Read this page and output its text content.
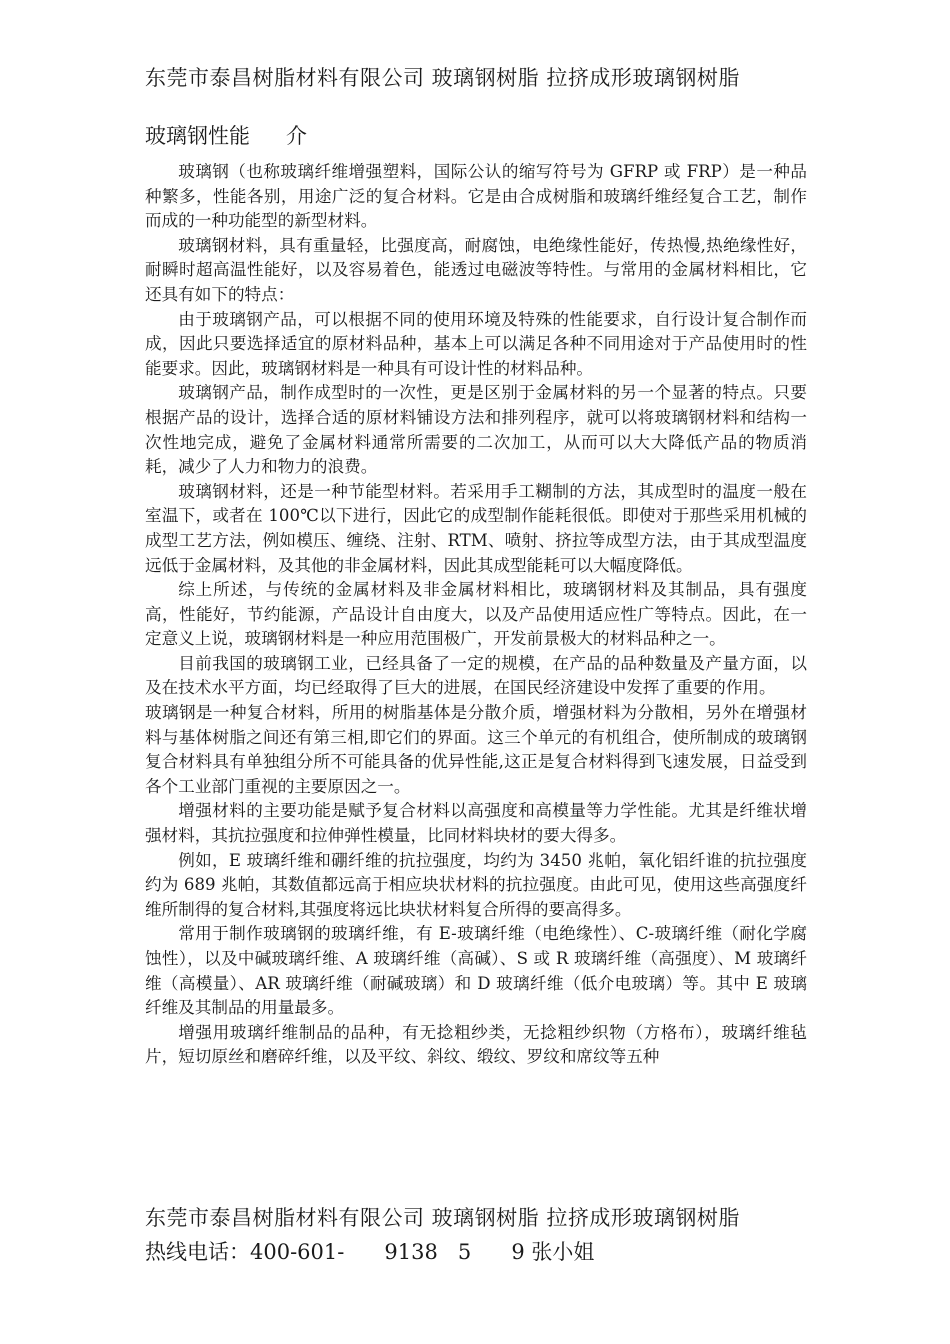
东莞市泰昌树脂材料有限公司 玻璃钢树脂 拉挤成形玻璃钢树脂
玻璃钢性能 介

玻璃钢（也称玻璃纤维增强塑料，国际公认的缩写符号为 GFRP 或 FRP）是一种品种繁多，性能各别，用途广泛的复合材料。它是由合成树脂和玻璃纤维经复合工艺，制作而成的一种功能型的新型材料。

玻璃钢材料，具有重量轻，比强度高，耐腐蚀，电绝缘性能好，传热慢,热绝缘性好，耐瞬时超高温性能好，以及容易着色，能透过电磁波等特性。与常用的金属材料相比，它还具有如下的特点：

由于玻璃钢产品，可以根据不同的使用环境及特殊的性能要求，自行设计复合制作而成，因此只要选择适宜的原材料品种，基本上可以满足各种不同用途对于产品使用时的性能要求。因此，玻璃钢材料是一种具有可设计性的材料品种。

玻璃钢产品，制作成型时的一次性，更是区别于金属材料的另一个显著的特点。只要根据产品的设计，选择合适的原材料铺设方法和排列程序，就可以将玻璃钢材料和结构一次性地完成，避免了金属材料通常所需要的二次加工，从而可以大大降低产品的物质消耗，减少了人力和物力的浪费。

玻璃钢材料，还是一种节能型材料。若采用手工糊制的方法，其成型时的温度一般在室温下，或者在 100℃以下进行，因此它的成型制作能耗很低。即使对于那些采用机械的成型工艺方法，例如模压、缠绕、注射、RTM、喷射、挤拉等成型方法，由于其成型温度远低于金属材料，及其他的非金属材料，因此其成型能耗可以大幅度降低。

综上所述，与传统的金属材料及非金属材料相比，玻璃钢材料及其制品，具有强度高，性能好，节约能源，产品设计自由度大，以及产品使用适应性广等特点。因此，在一定意义上说，玻璃钢材料是一种应用范围极广，开发前景极大的材料品种之一。

目前我国的玻璃钢工业，已经具备了一定的规模，在产品的品种数量及产量方面，以及在技术水平方面，均已经取得了巨大的进展，在国民经济建设中发挥了重要的作用。

玻璃钢是一种复合材料，所用的树脂基体是分散介质，增强材料为分散相，另外在增强材料与基体树脂之间还有第三相,即它们的界面。这三个单元的有机组合，使所制成的玻璃钢复合材料具有单独组分所不可能具备的优异性能,这正是复合材料得到飞速发展，日益受到各个工业部门重视的主要原因之一。

增强材料的主要功能是赋予复合材料以高强度和高模量等力学性能。尤其是纤维状增强材料，其抗拉强度和拉伸弹性模量，比同材料块材的要大得多。

例如，E 玻璃纤维和硼纤维的抗拉强度，均约为 3450 兆帕，氧化铝纤谁的抗拉强度约为 689 兆帕，其数值都远高于相应块状材料的抗拉强度。由此可见，使用这些高强度纤维所制得的复合材料,其强度将远比块状材料复合所得的要高得多。

常用于制作玻璃钢的玻璃纤维，有 E-玻璃纤维（电绝缘性）、C-玻璃纤维（耐化学腐蚀性），以及中碱玻璃纤维、A 玻璃纤维（高碱）、S 或 R 玻璃纤维（高强度）、M 玻璃纤维（高模量）、AR 玻璃纤维（耐碱玻璃）和 D 玻璃纤维（低介电玻璃）等。其中 E 玻璃纤维及其制品的用量最多。

增强用玻璃纤维制品的品种，有无捻粗纱类，无捻粗纱织物（方格布），玻璃纤维毡片，短切原丝和磨碎纤维，以及平纹、斜纹、缎纹、罗纹和席纹等五种

东莞市泰昌树脂材料有限公司 玻璃钢树脂 拉挤成形玻璃钢树脂
热线电话：400-601- 9138 5 9 张小姐
